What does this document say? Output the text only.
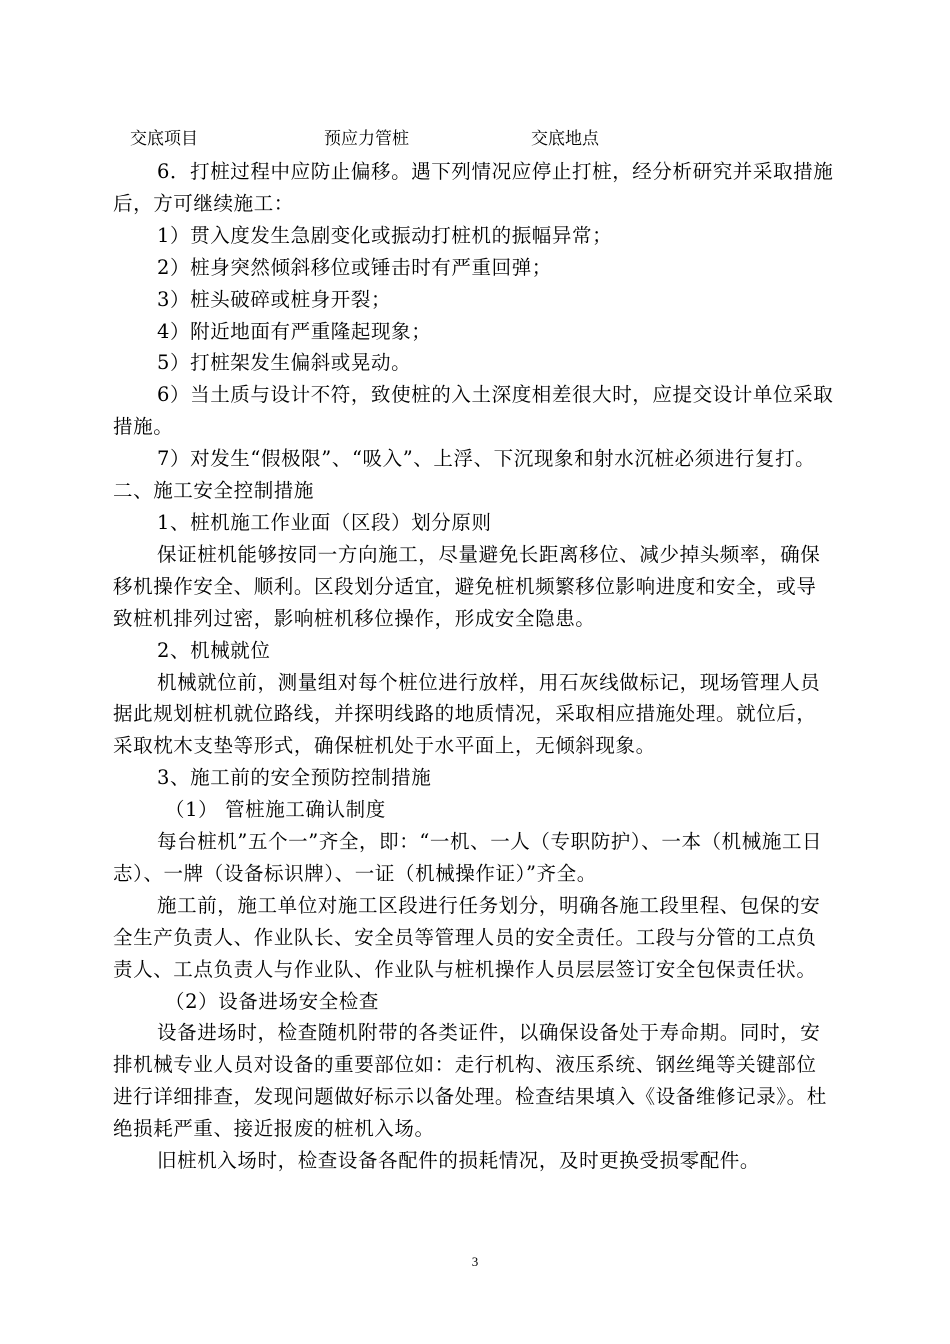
交底项目	预应力管桩	交底地点

6．打桩过程中应防止偏移。遇下列情况应停止打桩，经分析研究并采取措施后，方可继续施工：

1）贯入度发生急剧变化或振动打桩机的振幅异常；

2）桩身突然倾斜移位或锤击时有严重回弹；

3）桩头破碎或桩身开裂；

4）附近地面有严重隆起现象；

5）打桩架发生偏斜或晃动。

6）当土质与设计不符，致使桩的入土深度相差很大时，应提交设计单位采取措施。

7）对发生“假极限”、“吸入”、上浮、下沉现象和射水沉桩必须进行复打。

二、施工安全控制措施

1、桩机施工作业面（区段）划分原则

保证桩机能够按同一方向施工，尽量避免长距离移位、减少掉头频率，确保移机操作安全、顺利。区段划分适宜，避免桩机频繁移位影响进度和安全，或导致桩机排列过密，影响桩机移位操作，形成安全隐患。

2、机械就位

机械就位前，测量组对每个桩位进行放样，用石灰线做标记，现场管理人员据此规划桩机就位路线，并探明线路的地质情况，采取相应措施处理。就位后，采取枕木支垫等形式，确保桩机处于水平面上，无倾斜现象。

3、施工前的安全预防控制措施

（1） 管桩施工确认制度

每台桩机”五个一”齐全，即：“一机、一人（专职防护）、一本（机械施工日志）、一牌（设备标识牌）、一证（机械操作证）”齐全。

施工前，施工单位对施工区段进行任务划分，明确各施工段里程、包保的安全生产负责人、作业队长、安全员等管理人员的安全责任。工段与分管的工点负责人、工点负责人与作业队、作业队与桩机操作人员层层签订安全包保责任状。

（2）设备进场安全检查

设备进场时，检查随机附带的各类证件，以确保设备处于寿命期。同时，安排机械专业人员对设备的重要部位如：走行机构、液压系统、钢丝绳等关键部位进行详细排查，发现问题做好标示以备处理。检查结果填入《设备维修记录》。杜绝损耗严重、接近报废的桩机入场。

旧桩机入场时，检查设备各配件的损耗情况，及时更换受损零配件。

3
